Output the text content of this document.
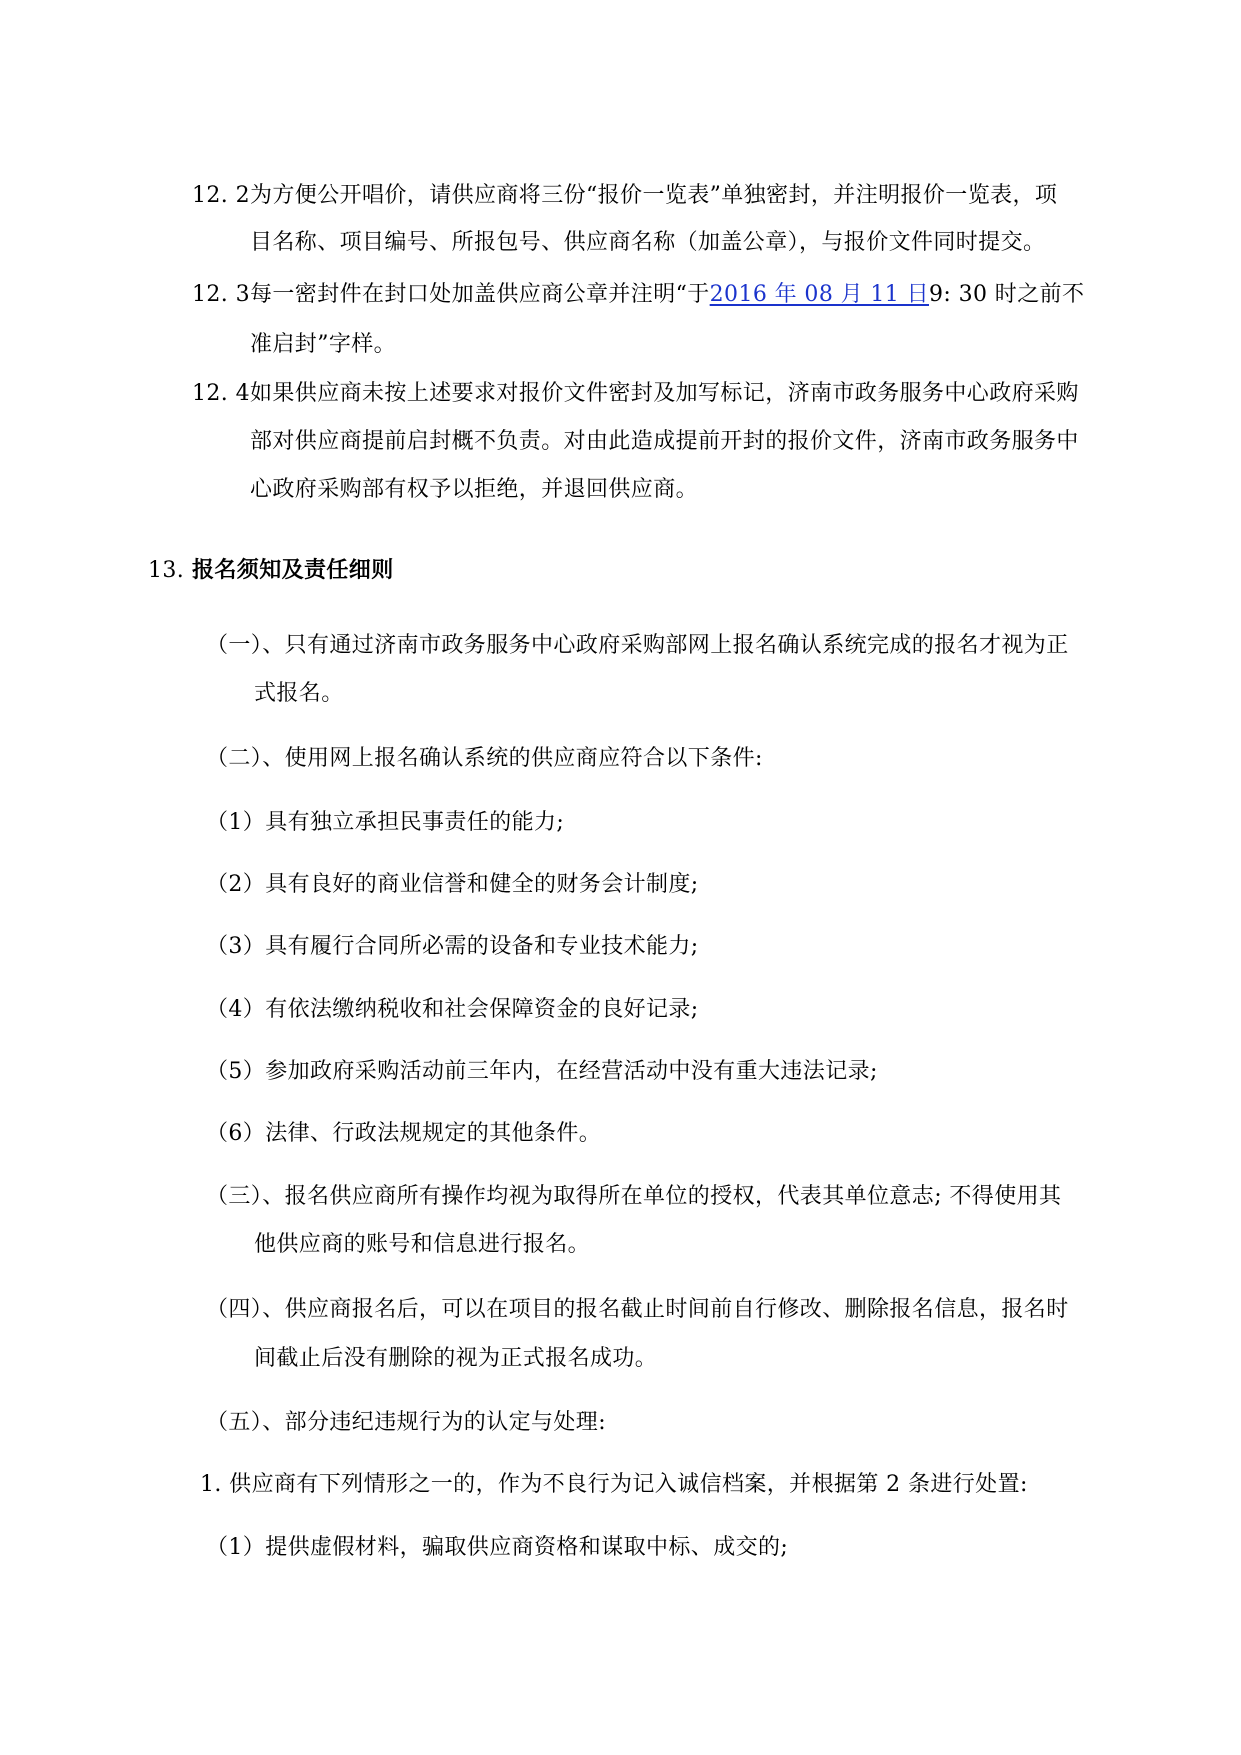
12. 2为方便公开唱价，请供应商将三份“报价一览表”单独密封，并注明报价一览表，项
目名称、项目编号、所报包号、供应商名称（加盖公章），与报价文件同时提交。
12. 3每一密封件在封口处加盖供应商公章并注明“于2016 年 08 月 11 日9: 30 时之前不
准启封”字样。
12. 4如果供应商未按上述要求对报价文件密封及加写标记，济南市政务服务中心政府采购
部对供应商提前启封概不负责。对由此造成提前开封的报价文件，济南市政务服务中
心政府采购部有权予以拒绝，并退回供应商。
13. 报名须知及责任细则
（一）、只有通过济南市政务服务中心政府采购部网上报名确认系统完成的报名才视为正
式报名。
（二）、使用网上报名确认系统的供应商应符合以下条件:
（1）具有独立承担民事责任的能力;
（2）具有良好的商业信誉和健全的财务会计制度;
（3）具有履行合同所必需的设备和专业技术能力;
（4）有依法缴纳税收和社会保障资金的良好记录;
（5）参加政府采购活动前三年内，在经营活动中没有重大违法记录;
（6）法律、行政法规规定的其他条件。
（三）、报名供应商所有操作均视为取得所在单位的授权，代表其单位意志; 不得使用其
他供应商的账号和信息进行报名。
（四）、供应商报名后，可以在项目的报名截止时间前自行修改、删除报名信息，报名时
间截止后没有删除的视为正式报名成功。
（五）、部分违纪违规行为的认定与处理:
1. 供应商有下列情形之一的，作为不良行为记入诚信档案，并根据第 2 条进行处置:
（1）提供虚假材料，骗取供应商资格和谋取中标、成交的;
